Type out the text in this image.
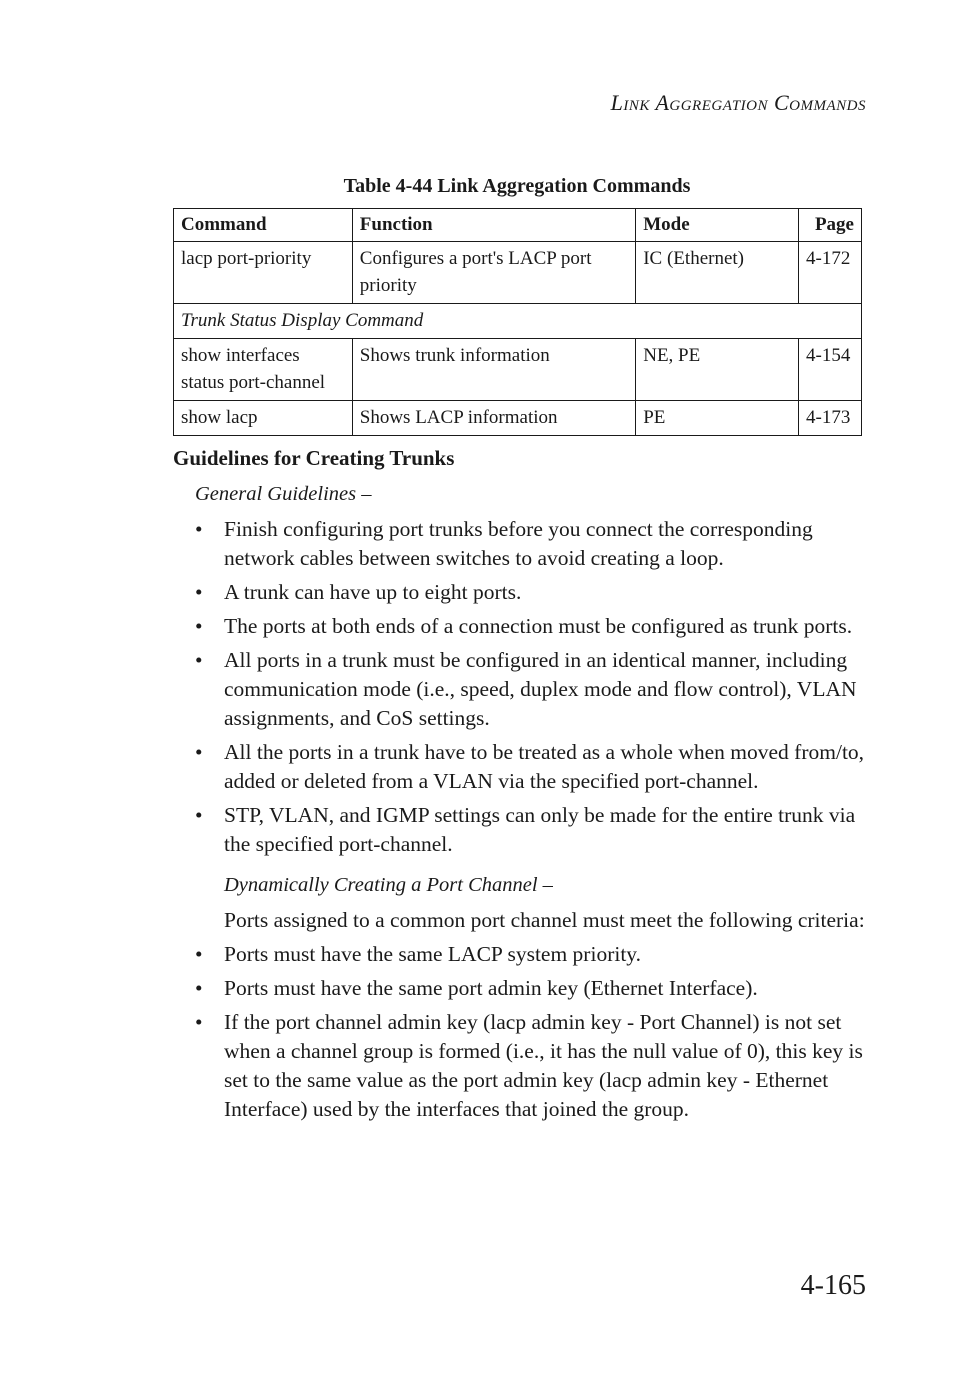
Link Aggregation Commands
Table 4-44 Link Aggregation Commands
Command	Function	Mode	Page
lacp port-priority	Configures a port's LACP port priority	IC (Ethernet)	4-172
Trunk Status Display Command			
show interfaces status port-channel	Shows trunk information	NE, PE	4-154
show lacp	Shows LACP information	PE	4-173
Guidelines for Creating Trunks

General Guidelines –

• Finish configuring port trunks before you connect the corresponding network cables between switches to avoid creating a loop.
• A trunk can have up to eight ports.
• The ports at both ends of a connection must be configured as trunk ports.
• All ports in a trunk must be configured in an identical manner, including communication mode (i.e., speed, duplex mode and flow control), VLAN assignments, and CoS settings.
• All the ports in a trunk have to be treated as a whole when moved from/to, added or deleted from a VLAN via the specified port-channel.
• STP, VLAN, and IGMP settings can only be made for the entire trunk via the specified port-channel.

Dynamically Creating a Port Channel –

Ports assigned to a common port channel must meet the following criteria:

• Ports must have the same LACP system priority.
• Ports must have the same port admin key (Ethernet Interface).
• If the port channel admin key (lacp admin key - Port Channel) is not set when a channel group is formed (i.e., it has the null value of 0), this key is set to the same value as the port admin key (lacp admin key - Ethernet Interface) used by the interfaces that joined the group.
4-165
